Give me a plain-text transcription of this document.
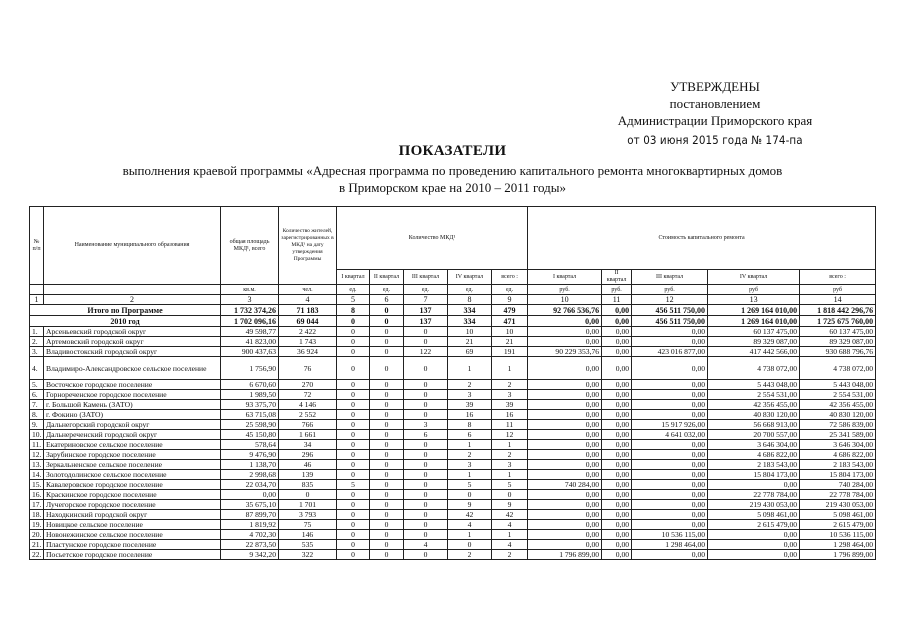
УТВЕРЖДЕНЫ
постановлением
Администрации Приморского края
от 03 июня 2015 года № 174-па
ПОКАЗАТЕЛИ
выполнения краевой программы «Адресная программа по проведению капитального ремонта многоквартирных домов в Приморском крае на 2010 – 2011 годы»
№ п/п	Наименование муниципального образования	общая площадь МКД¹, всего	Количество жителей, зарегистрированных в МКД¹ на дату утверждения Программы	Количество МКД¹					Стоимость капитального ремонта				
				I квартал	II квартал	III квартал	IV квартал	всего :	I квартал	II квартал	III квартал	IV квартал	всего :
		кв.м.	чел.	ед.	ед.	ед.	ед.	ед.	руб.	руб.	руб.	руб	руб
1	2	3	4	5	6	7	8	9	10	11	12	13	14
Итого по Программе		1 732 374,26	71 183	8	0	137	334	479	92 766 536,76	0,00	456 511 750,00	1 269 164 010,00	1 818 442 296,76
2010 год		1 702 096,16	69 044	0	0	137	334	471	0,00	0,00	456 511 750,00	1 269 164 010,00	1 725 675 760,00
1.	Арсеньевский городской округ	49 598,77	2 422	0	0	0	10	10	0,00	0,00	0,00	60 137 475,00	60 137 475,00
2.	Артемовский городской округ	41 823,00	1 743	0	0	0	21	21	0,00	0,00	0,00	89 329 087,00	89 329 087,00
3.	Владивостокский городской округ	900 437,63	36 924	0	0	122	69	191	90 229 353,76	0,00	423 016 877,00	417 442 566,00	930 688 796,76
4.	Владимиро-Александровское сельское поселение	1 756,90	76	0	0	0	1	1	0,00	0,00	0,00	4 738 072,00	4 738 072,00
5.	Восточское городское поселение	6 670,60	270	0	0	0	2	2	0,00	0,00	0,00	5 443 048,00	5 443 048,00
6.	Горнореченское городское поселение	1 989,50	72	0	0	0	3	3	0,00	0,00	0,00	2 554 531,00	2 554 531,00
7.	г. Большой Камень (ЗАТО)	93 375,70	4 146	0	0	0	39	39	0,00	0,00	0,00	42 356 455,00	42 356 455,00
8.	г. Фокино (ЗАТО)	63 715,08	2 552	0	0	0	16	16	0,00	0,00	0,00	40 830 120,00	40 830 120,00
9.	Дальнегорский городской округ	25 598,90	766	0	0	3	8	11	0,00	0,00	15 917 926,00	56 668 913,00	72 586 839,00
10.	Дальнереченский городской округ	45 150,80	1 661	0	0	6	6	12	0,00	0,00	4 641 032,00	20 700 557,00	25 341 589,00
11.	Екатериновское сельское поселение	578,64	34	0	0	0	1	1	0,00	0,00	0,00	3 646 304,00	3 646 304,00
12.	Зарубинское городское поселение	9 476,90	296	0	0	0	2	2	0,00	0,00	0,00	4 686 822,00	4 686 822,00
13.	Зеркальненское сельское поселение	1 138,70	46	0	0	0	3	3	0,00	0,00	0,00	2 183 543,00	2 183 543,00
14.	Золотодолинское сельское поселение	2 998,68	139	0	0	0	1	1	0,00	0,00	0,00	15 804 173,00	15 804 173,00
15.	Кавалеровское городское поселение	22 034,70	835	5	0	0	5	5	740 284,00	0,00	0,00	0,00	740 284,00
16.	Краскинское городское поселение	0,00	0	0	0	0	0	0	0,00	0,00	0,00	22 778 784,00	22 778 784,00
17.	Лучегорское городское поселение	35 675,10	1 701	0	0	0	9	9	0,00	0,00	0,00	219 430 053,00	219 430 053,00
18.	Находкинский городской округ	87 899,70	3 793	0	0	0	42	42	0,00	0,00	0,00	5 098 461,00	5 098 461,00
19.	Новицкое сельское поселение	1 819,92	75	0	0	0	4	4	0,00	0,00	0,00	2 615 479,00	2 615 479,00
20.	Новонежинское сельское поселение	4 702,30	146	0	0	0	1	1	0,00	0,00	10 536 115,00	0,00	10 536 115,00
21.	Пластунское городское поселение	22 873,50	535	0	0	4	0	4	0,00	0,00	1 298 464,00	0,00	1 298 464,00
22.	Посьетское городское поселение	9 342,20	322	0	0	0	2	2	1 796 899,00	0,00	0,00	0,00	1 796 899,00
